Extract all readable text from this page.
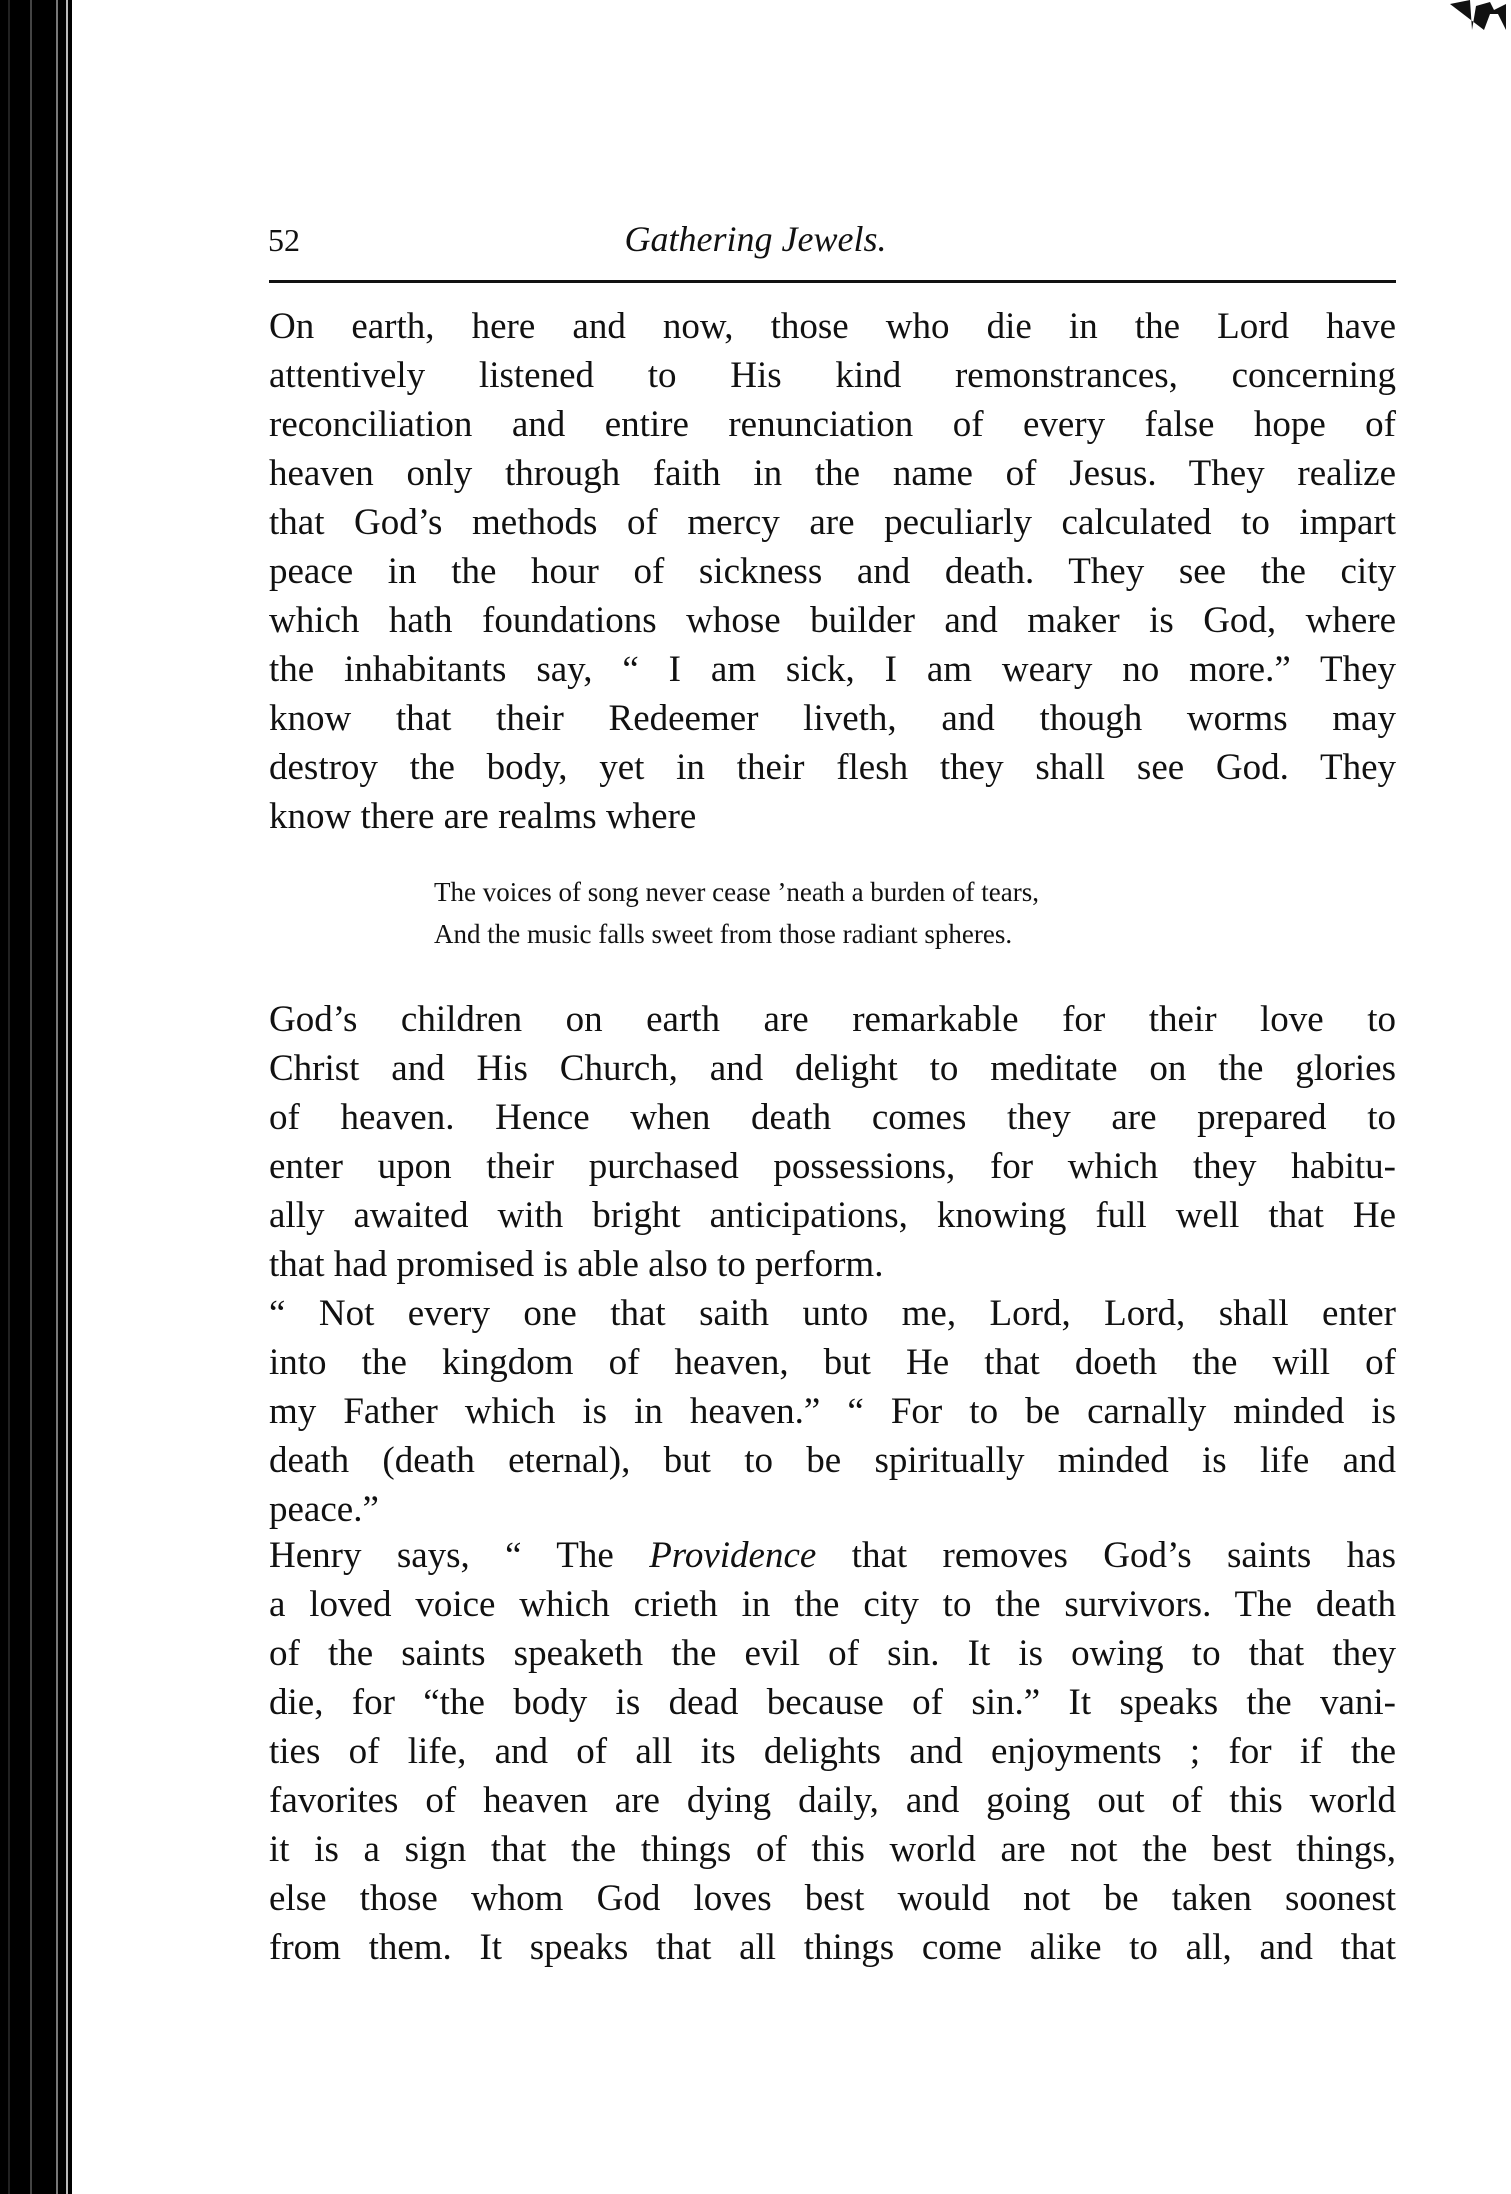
52	Gathering Jewels.
On earth, here and now, those who die in the Lord have
attentively listened to His kind remonstrances, concerning
reconciliation and entire renunciation of every false hope of
heaven only through faith in the name of Jesus. They realize
that God’s methods of mercy are peculiarly calculated to impart
peace in the hour of sickness and death. They see the city
which hath foundations whose builder and maker is God, where
the inhabitants say, “ I am sick, I am weary no more.” They
know that their Redeemer liveth, and though worms may
destroy the body, yet in their flesh they shall see God. They
know there are realms where
The voices of song never cease ’neath a burden of tears,
And the music falls sweet from those radiant spheres.
God’s children on earth are remarkable for their love to
Christ and His Church, and delight to meditate on the glories
of heaven. Hence when death comes they are prepared to
enter upon their purchased possessions, for which they habitu-
ally awaited with bright anticipations, knowing full well that He
that had promised is able also to perform.
“ Not every one that saith unto me, Lord, Lord, shall enter
into the kingdom of heaven, but He that doeth the will of
my Father which is in heaven.” “ For to be carnally minded is
death (death eternal), but to be spiritually minded is life and
peace.”
Henry says, “ The Providence that removes God’s saints has
a loved voice which crieth in the city to the survivors. The death
of the saints speaketh the evil of sin. It is owing to that they
die, for “the body is dead because of sin.” It speaks the vani-
ties of life, and of all its delights and enjoyments ; for if the
favorites of heaven are dying daily, and going out of this world
it is a sign that the things of this world are not the best things,
else those whom God loves best would not be taken soonest
from them. It speaks that all things come alike to all, and that
